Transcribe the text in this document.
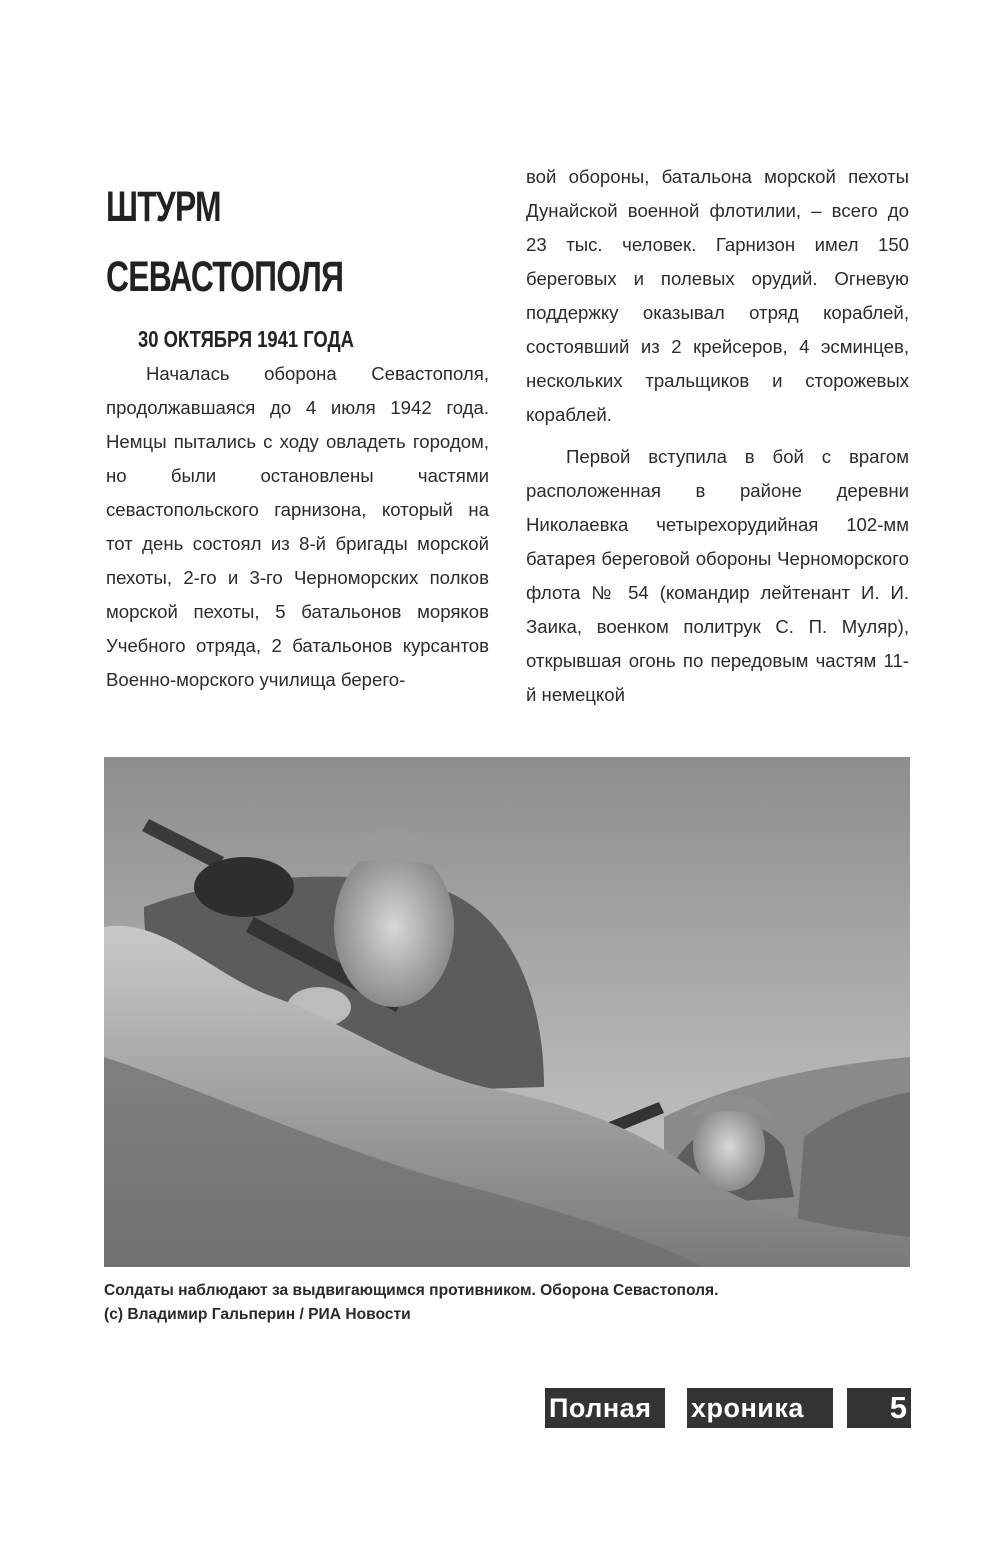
ШТУРМ
СЕВАСТОПОЛЯ
30 ОКТЯБРЯ 1941 ГОДА

Началась оборона Севастополя, продолжавшаяся до 4 июля 1942 года. Немцы пытались с ходу овладеть городом, но были остановлены частями севастопольского гарнизона, который на тот день состоял из 8-й бригады морской пехоты, 2-го и 3-го Черноморских полков морской пехоты, 5 батальонов моряков Учебного отряда, 2 батальонов курсантов Военно-морского училища берего-

вой обороны, батальона морской пехоты Дунайской военной флотилии, – всего до 23 тыс. человек. Гарнизон имел 150 береговых и полевых орудий. Огневую поддержку оказывал отряд кораблей, состоявший из 2 крейсеров, 4 эсминцев, нескольких тральщиков и сторожевых кораблей.

Первой вступила в бой с врагом расположенная в районе деревни Николаевка четырехорудийная 102-мм батарея береговой обороны Черноморского флота № 54 (командир лейтенант И. И. Заика, военком политрук С. П. Муляр), открывшая огонь по передовым частям 11-й немецкой

Солдаты наблюдают за выдвигающимся противником. Оборона Севастополя.
(с) Владимир Гальперин / РИА Новости
Полная	хроника	5
